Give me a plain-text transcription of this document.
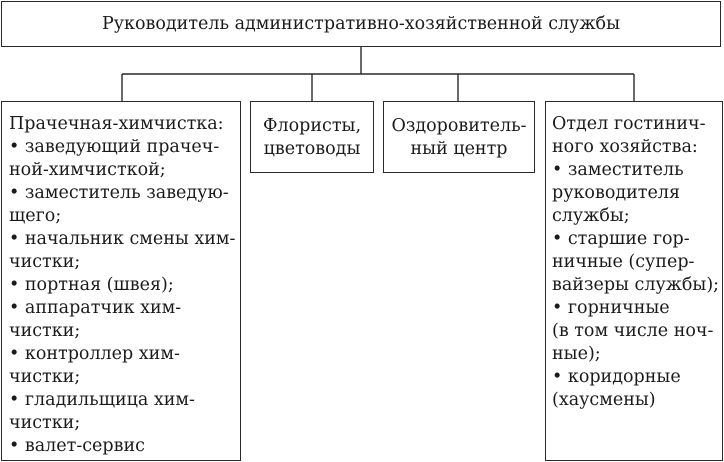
Руководитель административно-хозяйственной службы
Прачечная-химчистка:
• заведующий прачеч-
ной-химчисткой;
• заместитель заведую-
щего;
• начальник смены хим-
чистки;
• портная (швея);
• аппаратчик хим-
чистки;
• контроллер хим-
чистки;
• гладильщица хим-
чистки;
• валет-сервис
Флористы,
цветоводы
Оздоровитель-
ный центр
Отдел гостинич-
ного хозяйства:
• заместитель
руководителя
службы;
• старшие гор-
ничные (супер-
вайзеры службы);
• горничные
(в том числе ноч-
ные);
• коридорные
(хаусмены)
